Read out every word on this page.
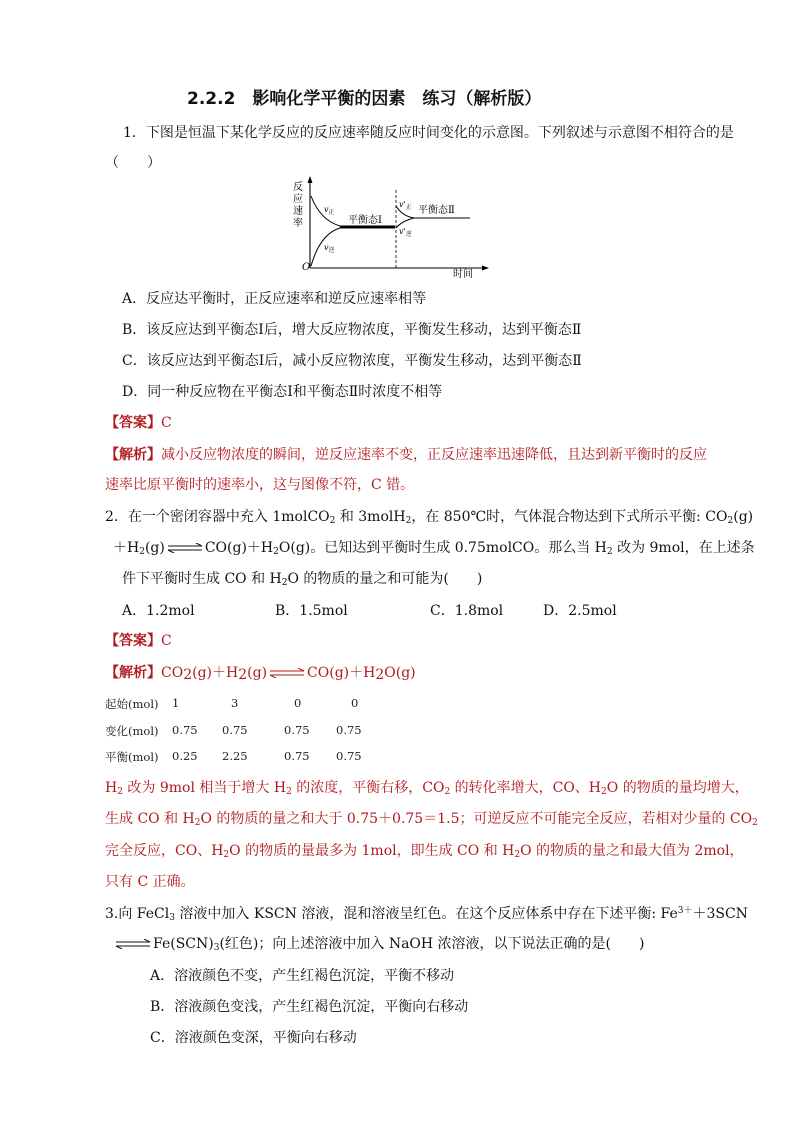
2.2.2　影响化学平衡的因素　练习（解析版）
1．下图是恒温下某化学反应的反应速率随反应时间变化的示意图。下列叙述与示意图不相符合的是
（　　）
反
应
速
率
O
时间
$v_正$
$v_逆$
平衡态Ⅰ
$v'_正$
$v'_逆$
平衡态Ⅱ
A．反应达平衡时，正反应速率和逆反应速率相等
B．该反应达到平衡态Ⅰ后，增大反应物浓度，平衡发生移动，达到平衡态Ⅱ
C．该反应达到平衡态Ⅰ后，减小反应物浓度，平衡发生移动，达到平衡态Ⅱ
D．同一种反应物在平衡态Ⅰ和平衡态Ⅱ时浓度不相等
【答案】C
【解析】减小反应物浓度的瞬间，逆反应速率不变，正反应速率迅速降低，且达到新平衡时的反应
速率比原平衡时的速率小，这与图像不符，C 错。
2．在一个密闭容器中充入 1molCO$_2$ 和 3molH$_2$，在 850℃时，气体混合物达到下式所示平衡: $CO_2(g)$
$+H_2(g)\rightleftharpoons CO(g)+H_2O(g)$。已知达到平衡时生成 0.75molCO。那么当 $H_2$ 改为 9mol，在上述条
件下平衡时生成 CO 和 $H_2O$ 的物质的量之和可能为(　　)
A．1.2mol	B．1.5mol	C．1.8mol	D．2.5mol
【答案】C
【解析】$CO_2(g)+H_2(g)\rightleftharpoons CO(g)+H_2O(g)$
起始(mol) 1	3	0	0
变化(mol) 0.75 0.75	0.75 0.75
平衡(mol) 0.25 2.25	0.75 0.75
$H_2$ 改为 9mol 相当于增大 $H_2$ 的浓度，平衡右移，$CO_2$ 的转化率增大，CO、$H_2O$ 的物质的量均增大，
生成 CO 和 $H_2O$ 的物质的量之和大于 0.75＋0.75＝1.5；可逆反应不可能完全反应，若相对少量的 $CO_2$
完全反应，CO、$H_2O$ 的物质的量最多为 1mol，即生成 CO 和 $H_2O$ 的物质的量之和最大值为 2mol，
只有 C 正确。
3.向 FeCl$_3$ 溶液中加入 KSCN 溶液，混和溶液呈红色。在这个反应体系中存在下述平衡: $Fe^{3+}+3SCN$
$\rightleftharpoons Fe(SCN)_3$(红色)；向上述溶液中加入 NaOH 浓溶液，以下说法正确的是(　　)
A．溶液颜色不变，产生红褐色沉淀，平衡不移动
B．溶液颜色变浅，产生红褐色沉淀，平衡向右移动
C．溶液颜色变深，平衡向右移动
